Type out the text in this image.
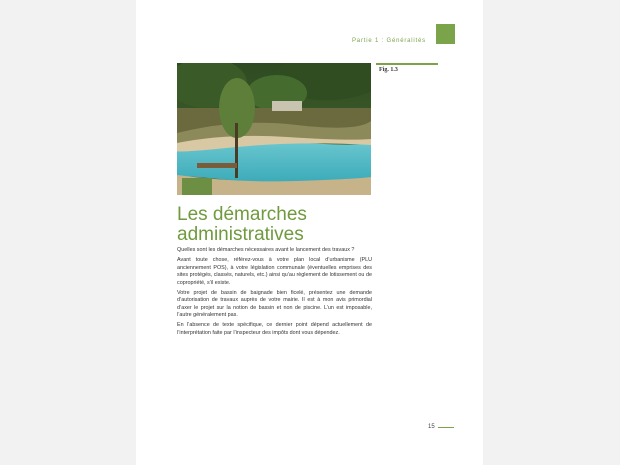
Partie 1 : Généralités
Fig. 1.3
Les démarches
administratives

Quelles sont les démarches nécessaires avant le lancement des travaux ?

Avant toute chose, référez-vous à votre plan local d’urbanisme (PLU anciennement POS), à votre législation communale (éventuelles emprises des sites protégés, classés, naturels, etc.) ainsi qu’au règlement de lotissement ou de copropriété, s’il existe.

Votre projet de bassin de baignade bien ficelé, présentez une demande d’autorisation de travaux auprès de votre mairie. Il est à mon avis primordial d’axer le projet sur la notion de bassin et non de piscine. L’un est imposable, l’autre généralement pas.

En l’absence de texte spécifique, ce dernier point dépend actuellement de l’interprétation faite par l’inspecteur des impôts dont vous dépendez.

15
